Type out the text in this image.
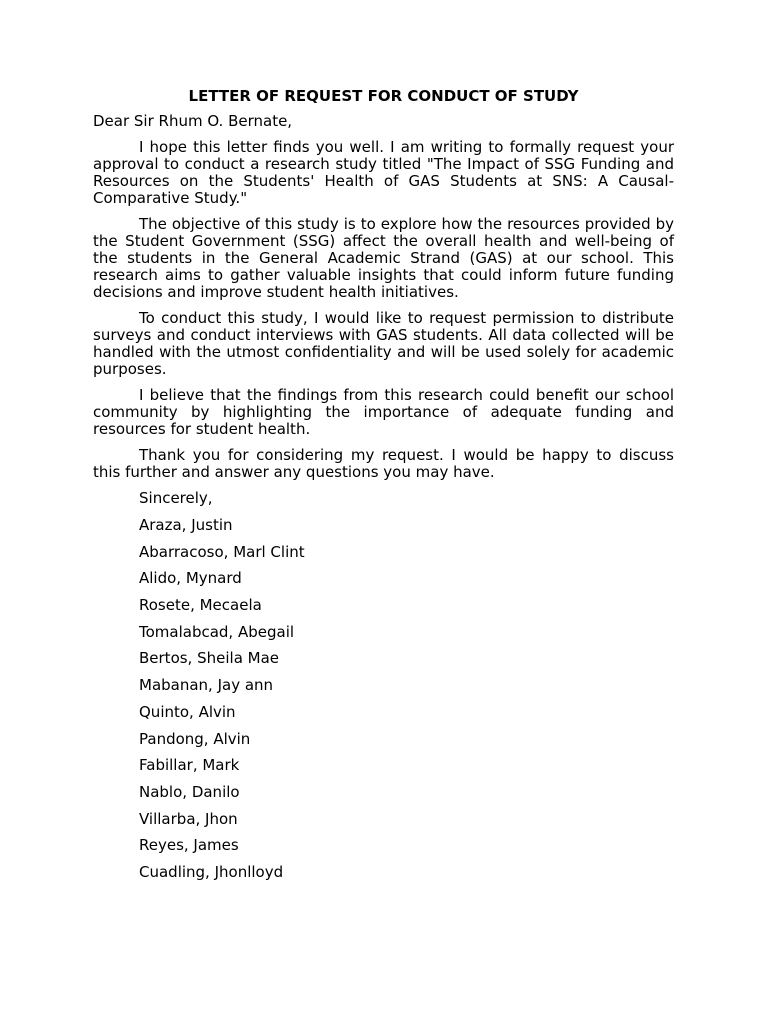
LETTER OF REQUEST FOR CONDUCT OF STUDY
Dear Sir Rhum O. Bernate,

I hope this letter finds you well. I am writing to formally request your approval to conduct a research study titled "The Impact of SSG Funding and Resources on the Students' Health of GAS Students at SNS: A Causal-Comparative Study."

The objective of this study is to explore how the resources provided by the Student Government (SSG) affect the overall health and well-being of the students in the General Academic Strand (GAS) at our school. This research aims to gather valuable insights that could inform future funding decisions and improve student health initiatives.

To conduct this study, I would like to request permission to distribute surveys and conduct interviews with GAS students. All data collected will be handled with the utmost confidentiality and will be used solely for academic purposes.

I believe that the findings from this research could benefit our school community by highlighting the importance of adequate funding and resources for student health.

Thank you for considering my request. I would be happy to discuss this further and answer any questions you may have.

Sincerely,
Araza, Justin
Abarracoso, Marl Clint
Alido, Mynard
Rosete, Mecaela
Tomalabcad, Abegail
Bertos, Sheila Mae
Mabanan, Jay ann
Quinto, Alvin
Pandong, Alvin
Fabillar, Mark
Nablo, Danilo
Villarba, Jhon
Reyes, James
Cuadling, Jhonlloyd
